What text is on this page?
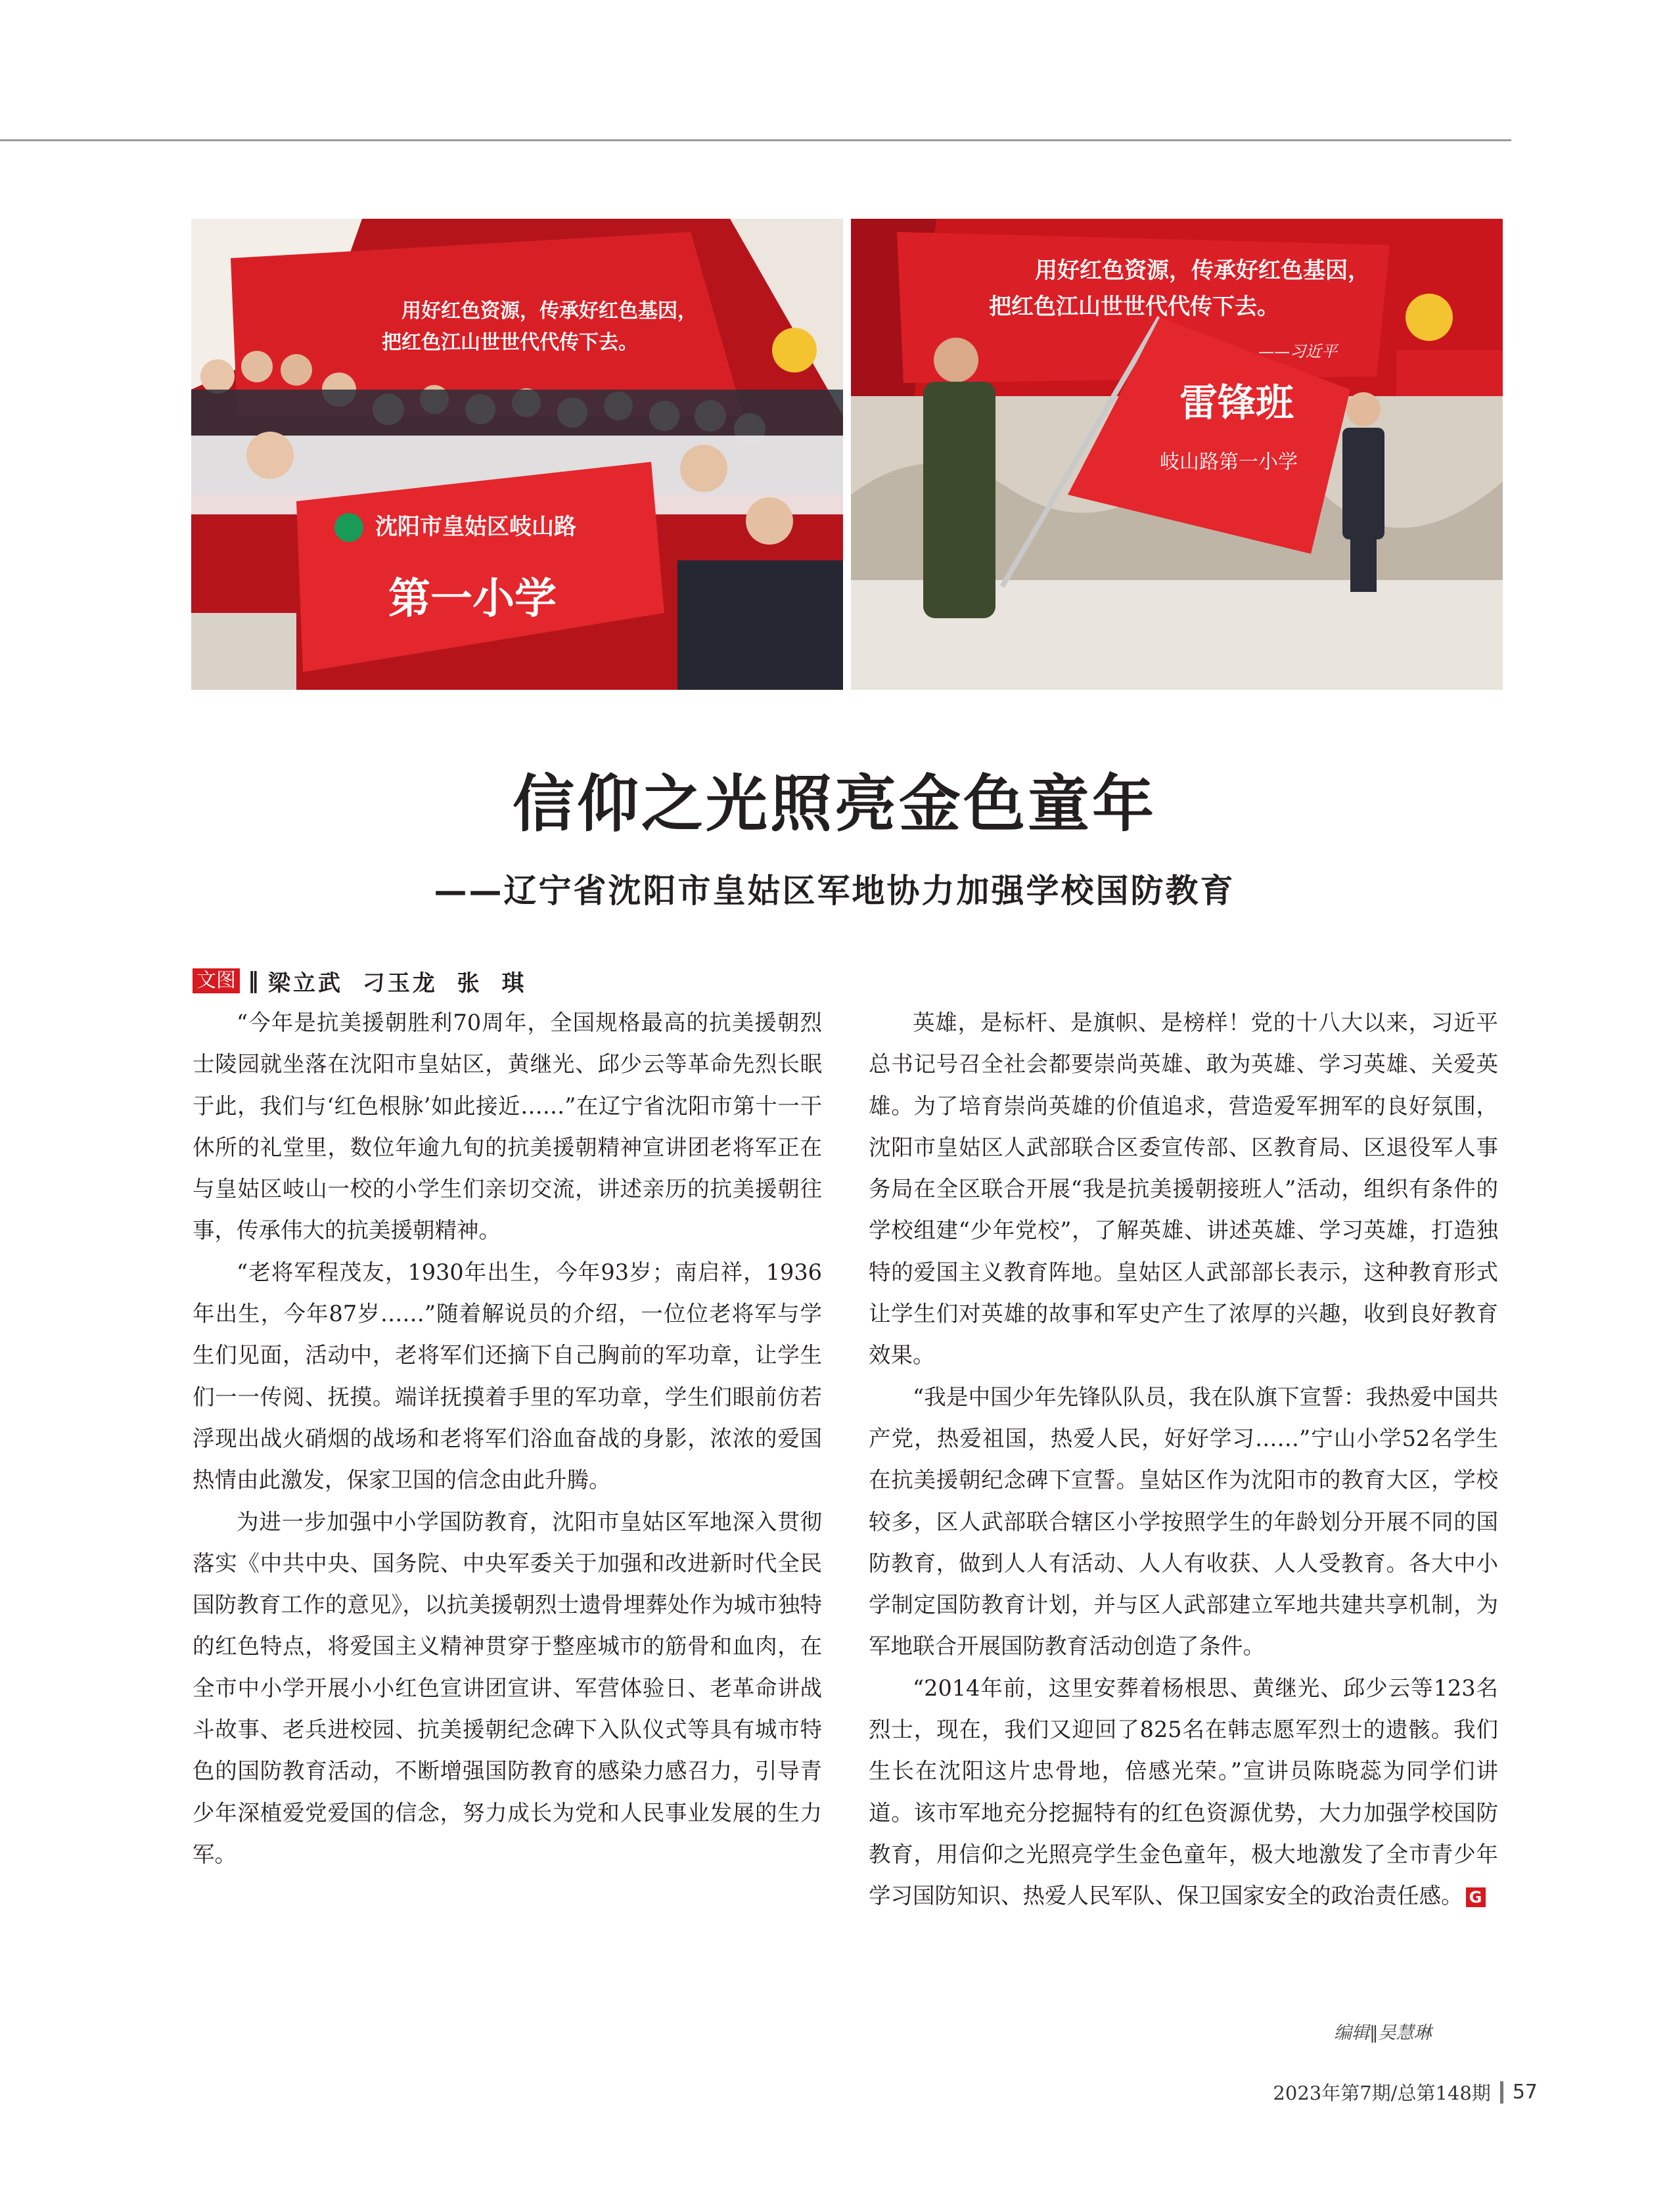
用好红色资源，传承好红色基因，
把红色江山世世代代传下去。
沈阳市皇姑区岐山路
第一小学
用好红色资源，传承好红色基因，
把红色江山世世代代传下去。
——习近平
雷锋班
岐山路第一小学
信仰之光照亮金色童年
——辽宁省沈阳市皇姑区军地协力加强学校国防教育
文图 ‖ 梁立武 刁玉龙 张 琪

“今年是抗美援朝胜利70周年，全国规格最高的抗美援朝烈士陵园就坐落在沈阳市皇姑区，黄继光、邱少云等革命先烈长眠于此，我们与‘红色根脉’如此接近……”在辽宁省沈阳市第十一干休所的礼堂里，数位年逾九旬的抗美援朝精神宣讲团老将军正在与皇姑区岐山一校的小学生们亲切交流，讲述亲历的抗美援朝往事，传承伟大的抗美援朝精神。

“老将军程茂友，1930年出生，今年93岁；南启祥，1936年出生，今年87岁……”随着解说员的介绍，一位位老将军与学生们见面，活动中，老将军们还摘下自己胸前的军功章，让学生们一一传阅、抚摸。端详抚摸着手里的军功章，学生们眼前仿若浮现出战火硝烟的战场和老将军们浴血奋战的身影，浓浓的爱国热情由此激发，保家卫国的信念由此升腾。

为进一步加强中小学国防教育，沈阳市皇姑区军地深入贯彻落实《中共中央、国务院、中央军委关于加强和改进新时代全民国防教育工作的意见》，以抗美援朝烈士遗骨埋葬处作为城市独特的红色特点，将爱国主义精神贯穿于整座城市的筋骨和血肉，在全市中小学开展小小红色宣讲团宣讲、军营体验日、老革命讲战斗故事、老兵进校园、抗美援朝纪念碑下入队仪式等具有城市特色的国防教育活动，不断增强国防教育的感染力感召力，引导青少年深植爱党爱国的信念，努力成长为党和人民事业发展的生力军。

英雄，是标杆、是旗帜、是榜样！党的十八大以来，习近平总书记号召全社会都要崇尚英雄、敢为英雄、学习英雄、关爱英雄。为了培育崇尚英雄的价值追求，营造爱军拥军的良好氛围，沈阳市皇姑区人武部联合区委宣传部、区教育局、区退役军人事务局在全区联合开展“我是抗美援朝接班人”活动，组织有条件的学校组建“少年党校”，了解英雄、讲述英雄、学习英雄，打造独特的爱国主义教育阵地。皇姑区人武部部长表示，这种教育形式让学生们对英雄的故事和军史产生了浓厚的兴趣，收到良好教育效果。

“我是中国少年先锋队队员，我在队旗下宣誓：我热爱中国共产党，热爱祖国，热爱人民，好好学习……”宁山小学52名学生在抗美援朝纪念碑下宣誓。皇姑区作为沈阳市的教育大区，学校较多，区人武部联合辖区小学按照学生的年龄划分开展不同的国防教育，做到人人有活动、人人有收获、人人受教育。各大中小学制定国防教育计划，并与区人武部建立军地共建共享机制，为军地联合开展国防教育活动创造了条件。

“2014年前，这里安葬着杨根思、黄继光、邱少云等123名烈士，现在，我们又迎回了825名在韩志愿军烈士的遗骸。我们生长在沈阳这片忠骨地，倍感光荣。”宣讲员陈晓蕊为同学们讲道。该市军地充分挖掘特有的红色资源优势，大力加强学校国防教育，用信仰之光照亮学生金色童年，极大地激发了全市青少年学习国防知识、热爱人民军队、保卫国家安全的政治责任感。 G

编辑‖吴慧琳
2023年第7期/总第148期 57
